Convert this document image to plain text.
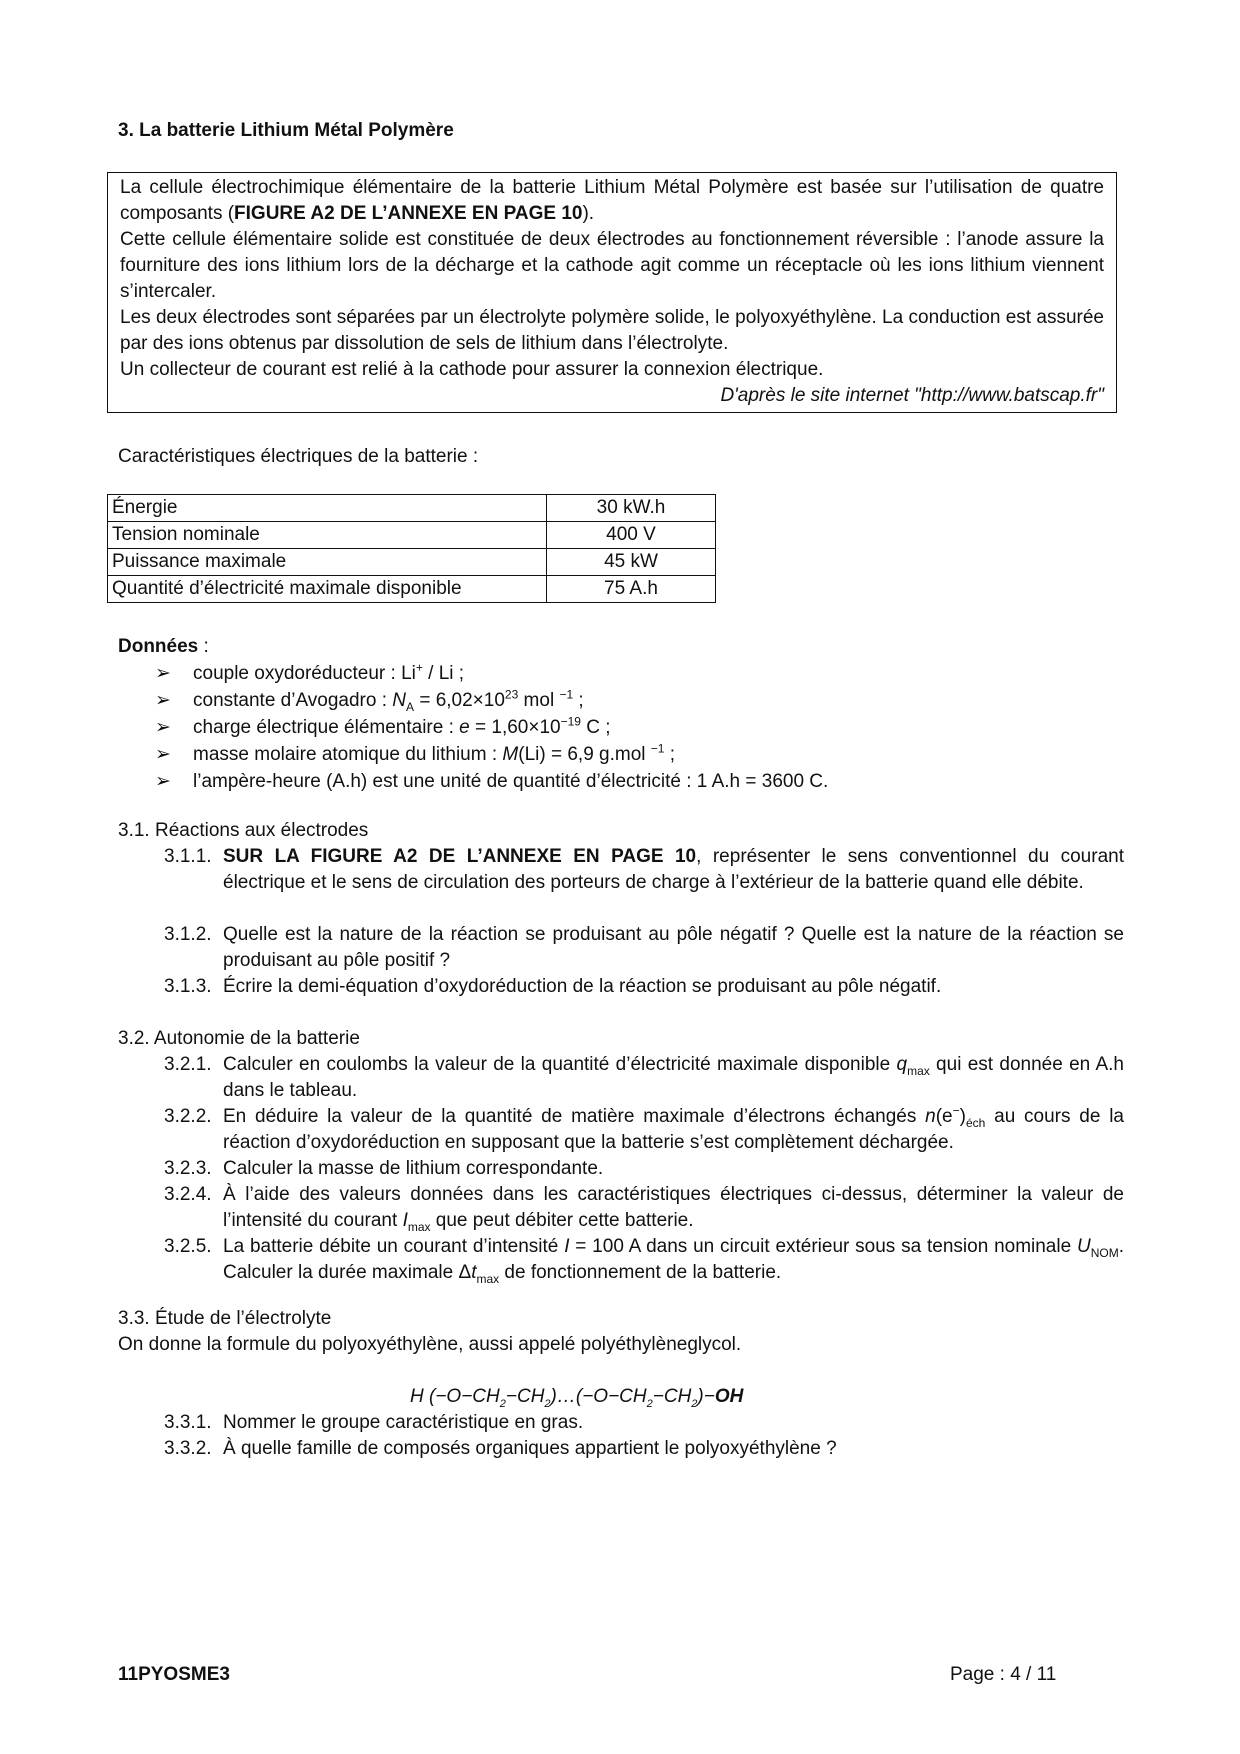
3. La batterie Lithium Métal Polymère

La cellule électrochimique élémentaire de la batterie Lithium Métal Polymère est basée sur l’utilisation de quatre composants (FIGURE A2 DE L’ANNEXE EN PAGE 10).

Cette cellule élémentaire solide est constituée de deux électrodes au fonctionnement réversible : l’anode assure la fourniture des ions lithium lors de la décharge et la cathode agit comme un réceptacle où les ions lithium viennent s’intercaler.

Les deux électrodes sont séparées par un électrolyte polymère solide, le polyoxyéthylène. La conduction est assurée par des ions obtenus par dissolution de sels de lithium dans l’électrolyte.

Un collecteur de courant est relié à la cathode pour assurer la connexion électrique.

D'après le site internet "http://www.batscap.fr"

Caractéristiques électriques de la batterie :
Énergie	30 kW.h
Tension nominale	400 V
Puissance maximale	45 kW
Quantité d’électricité maximale disponible	75 A.h
Données :
➢ couple oxydoréducteur : Li+ / Li ;
➢ constante d’Avogadro : $N_A = 6,02\times 10^{23}$ mol $^{-1}$ ;
➢ charge électrique élémentaire : $e = 1,60\times 10^{-19}$ C ;
➢ masse molaire atomique du lithium : M(Li) = 6,9 g.mol $^{-1}$ ;
➢ l’ampère-heure (A.h) est une unité de quantité d’électricité : 1 A.h = 3600 C.
3.1. Réactions aux électrodes
3.1.1. SUR LA FIGURE A2 DE L’ANNEXE EN PAGE 10, représenter le sens conventionnel du courant électrique et le sens de circulation des porteurs de charge à l’extérieur de la batterie quand elle débite.
3.1.2. Quelle est la nature de la réaction se produisant au pôle négatif ? Quelle est la nature de la réaction se produisant au pôle positif ?
3.1.3. Écrire la demi-équation d’oxydoréduction de la réaction se produisant au pôle négatif.
3.2. Autonomie de la batterie
3.2.1. Calculer en coulombs la valeur de la quantité d’électricité maximale disponible $q_{max}$ qui est donnée en A.h dans le tableau.
3.2.2. En déduire la valeur de la quantité de matière maximale d’électrons échangés $n(e^-)_{éch}$ au cours de la réaction d’oxydoréduction en supposant que la batterie s’est complètement déchargée.
3.2.3. Calculer la masse de lithium correspondante.
3.2.4. À l’aide des valeurs données dans les caractéristiques électriques ci-dessus, déterminer la valeur de l’intensité du courant $I_{max}$ que peut débiter cette batterie.
3.2.5. La batterie débite un courant d’intensité I = 100 A dans un circuit extérieur sous sa tension nominale $U_{NOM}$. Calculer la durée maximale $\Delta t_{max}$ de fonctionnement de la batterie.
3.3. Étude de l’électrolyte
On donne la formule du polyoxyéthylène, aussi appelé polyéthylèneglycol.
H $(-O-CH_2-CH_2)\dots(-O-CH_2-CH_2)-OH$
3.3.1. Nommer le groupe caractéristique en gras.
3.3.2. À quelle famille de composés organiques appartient le polyoxyéthylène ?
11PYOSME3	Page : 4 / 11
